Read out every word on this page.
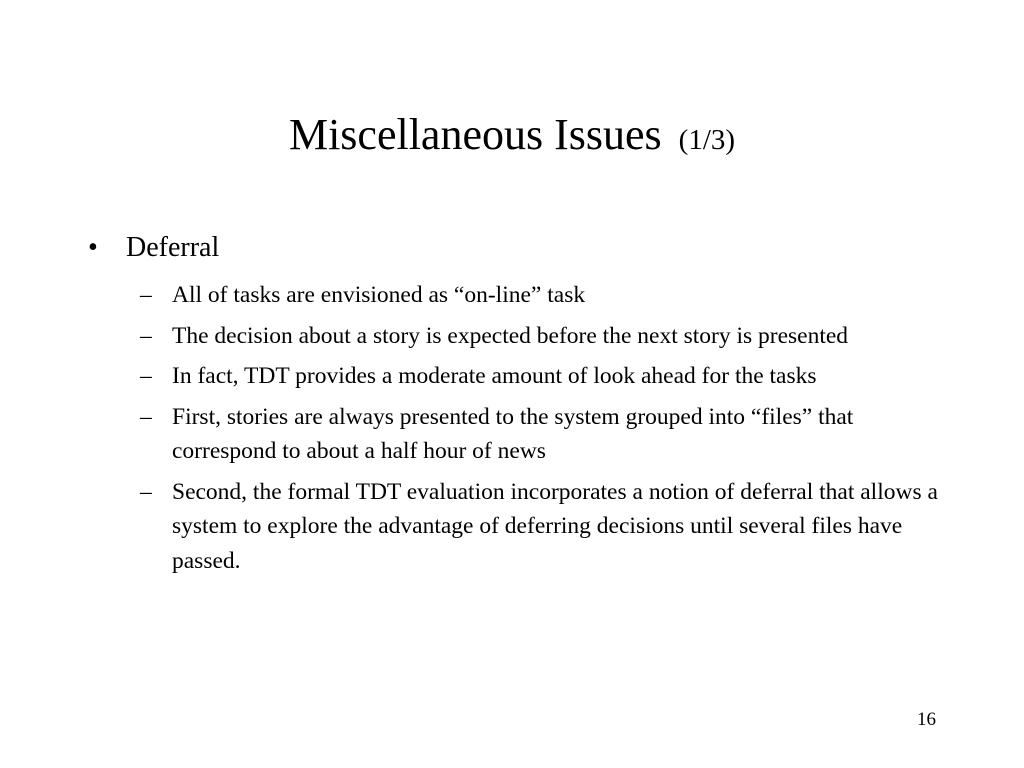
Miscellaneous Issues (1/3)
• Deferral
– All of tasks are envisioned as “on-line” task
– The decision about a story is expected before the next story is presented
– In fact, TDT provides a moderate amount of look ahead for the tasks
– First, stories are always presented to the system grouped into “files” that correspond to about a half hour of news
– Second, the formal TDT evaluation incorporates a notion of deferral that allows a system to explore the advantage of deferring decisions until several files have passed.
16
